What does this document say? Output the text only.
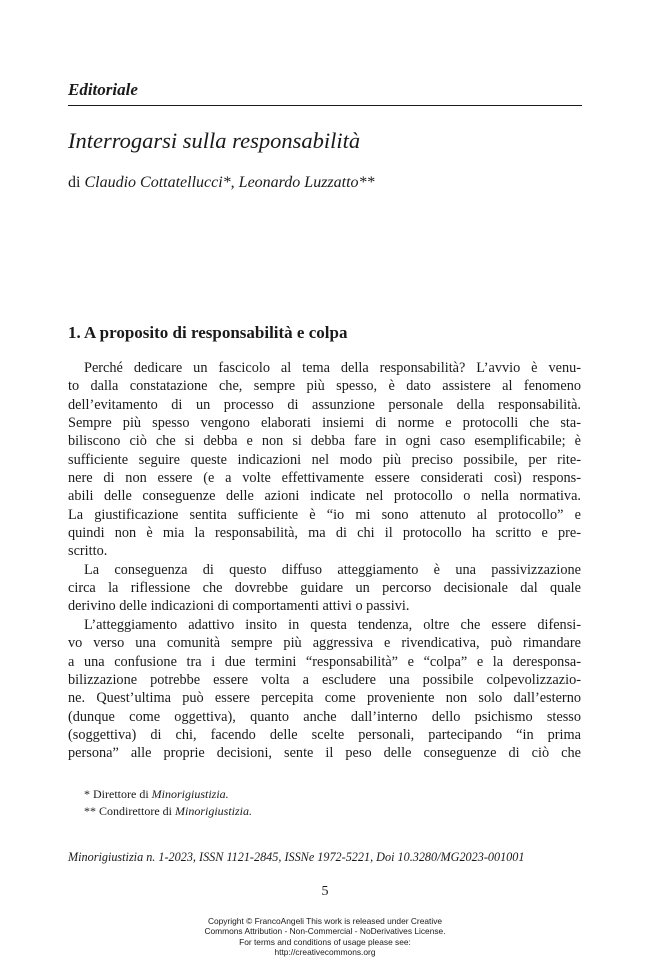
Editoriale
Interrogarsi sulla responsabilità
di Claudio Cottatellucci*, Leonardo Luzzatto**
1. A proposito di responsabilità e colpa
Perché dedicare un fascicolo al tema della responsabilità? L’avvio è venu-
to dalla constatazione che, sempre più spesso, è dato assistere al fenomeno
dell’evitamento di un processo di assunzione personale della responsabilità.
Sempre più spesso vengono elaborati insiemi di norme e protocolli che sta-
biliscono ciò che si debba e non si debba fare in ogni caso esemplificabile; è
sufficiente seguire queste indicazioni nel modo più preciso possibile, per rite-
nere di non essere (e a volte effettivamente essere considerati così) respons-
abili delle conseguenze delle azioni indicate nel protocollo o nella normativa.
La giustificazione sentita sufficiente è “io mi sono attenuto al protocollo” e
quindi non è mia la responsabilità, ma di chi il protocollo ha scritto e pre-
scritto.
La conseguenza di questo diffuso atteggiamento è una passivizzazione
circa la riflessione che dovrebbe guidare un percorso decisionale dal quale
derivino delle indicazioni di comportamenti attivi o passivi.
L’atteggiamento adattivo insito in questa tendenza, oltre che essere difensi-
vo verso una comunità sempre più aggressiva e rivendicativa, può rimandare
a una confusione tra i due termini “responsabilità” e “colpa” e la deresponsa-
bilizzazione potrebbe essere volta a escludere una possibile colpevolizzazio-
ne. Quest’ultima può essere percepita come proveniente non solo dall’esterno
(dunque come oggettiva), quanto anche dall’interno dello psichismo stesso
(soggettiva) di chi, facendo delle scelte personali, partecipando “in prima
persona” alle proprie decisioni, sente il peso delle conseguenze di ciò che
* Direttore di Minorigiustizia.
** Condirettore di Minorigiustizia.
Minorigiustizia n. 1-2023, ISSN 1121-2845, ISSNe 1972-5221, Doi 10.3280/MG2023-001001
5
Copyright © FrancoAngeli This work is released under Creative
Commons Attribution - Non-Commercial - NoDerivatives License.
For terms and conditions of usage please see:
http://creativecommons.org
